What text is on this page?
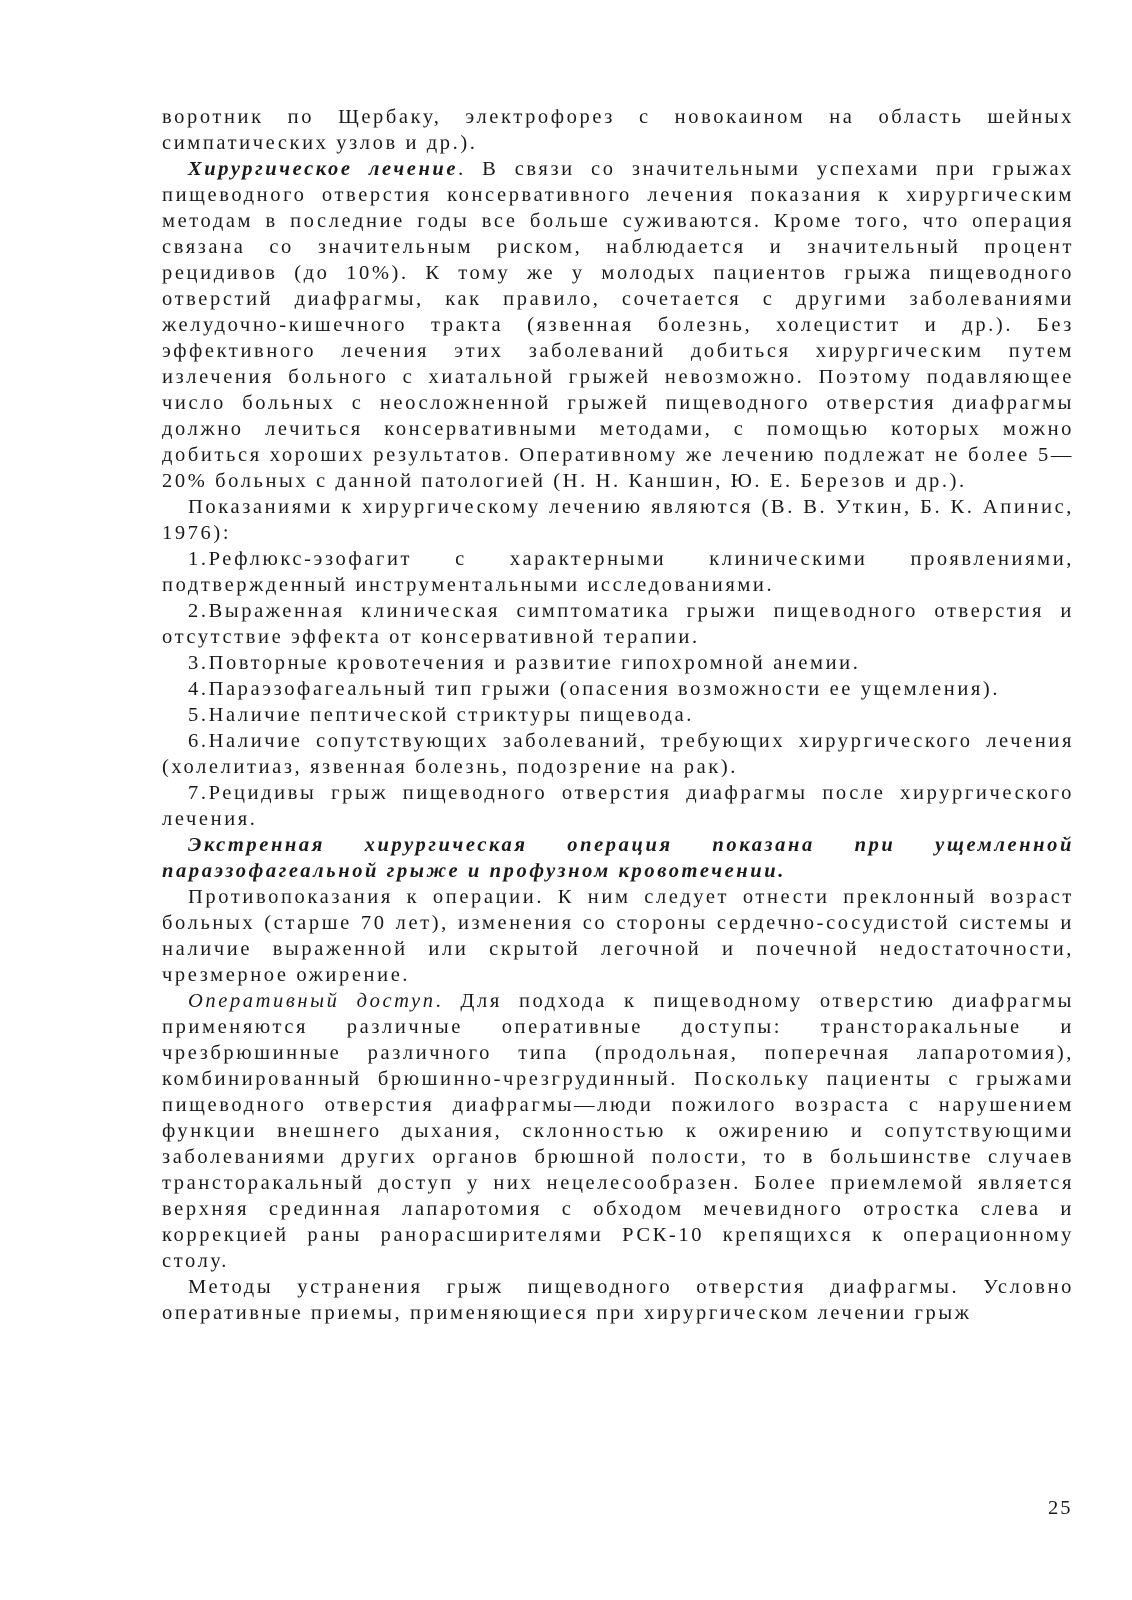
воротник по Щербаку, электрофорез с новокаином на область шейных симпатических узлов и др.).

Хирургическое лечение. В связи со значительными успехами при грыжах пищеводного отверстия консервативного лечения показания к хирургическим методам в последние годы все больше суживаются. Кроме того, что операция связана со значительным риском, наблюдается и значительный процент рецидивов (до 10%). К тому же у молодых пациентов грыжа пищеводного отверстий диафрагмы, как правило, сочетается с другими заболеваниями желудочно-кишечного тракта (язвенная болезнь, холецистит и др.). Без эффективного лечения этих заболеваний добиться хирургическим путем излечения больного с хиатальной грыжей невозможно. Поэтому подавляющее число больных с неосложненной грыжей пищеводного отверстия диафрагмы должно лечиться консервативными методами, с помощью которых можно добиться хороших результатов. Оперативному же лечению подлежат не более 5—20% больных с данной патологией (Н. Н. Каншин, Ю. Е. Березов и др.).

Показаниями к хирургическому лечению являются (В. В. Уткин, Б. К. Апинис, 1976):

1.Рефлюкс-эзофагит с характерными клиническими проявлениями, подтвержденный инструментальными исследованиями.

2.Выраженная клиническая симптоматика грыжи пищеводного отверстия и отсутствие эффекта от консервативной терапии.

3.Повторные кровотечения и развитие гипохромной анемии.

4.Параэзофагеальный тип грыжи (опасения возможности ее ущемления).

5.Наличие пептической стриктуры пищевода.

6.Наличие сопутствующих заболеваний, требующих хирургического лечения (холелитиаз, язвенная болезнь, подозрение на рак).

7.Рецидивы грыж пищеводного отверстия диафрагмы после хирургического лечения.

Экстренная хирургическая операция показана при ущемленной параэзофагеальной грыже и профузном кровотечении.

Противопоказания к операции. К ним следует отнести преклонный возраст больных (старше 70 лет), изменения со стороны сердечно-сосудистой системы и наличие выраженной или скрытой легочной и почечной недостаточности, чрезмерное ожирение.

Оперативный доступ. Для подхода к пищеводному отверстию диафрагмы применяются различные оперативные доступы: трансторакальные и чрезбрюшинные различного типа (продольная, поперечная лапаротомия), комбинированный брюшинно-чрезгрудинный. Поскольку пациенты с грыжами пищеводного отверстия диафрагмы—люди пожилого возраста с нарушением функции внешнего дыхания, склонностью к ожирению и сопутствующими заболеваниями других органов брюшной полости, то в большинстве случаев трансторакальный доступ у них нецелесообразен. Более приемлемой является верхняя срединная лапаротомия с обходом мечевидного отростка слева и коррекцией раны ранорасширителями РСК-10 крепящихся к операционному столу.

Методы устранения грыж пищеводного отверстия диафрагмы. Условно оперативные приемы, применяющиеся при хирургическом лечении грыж

25
